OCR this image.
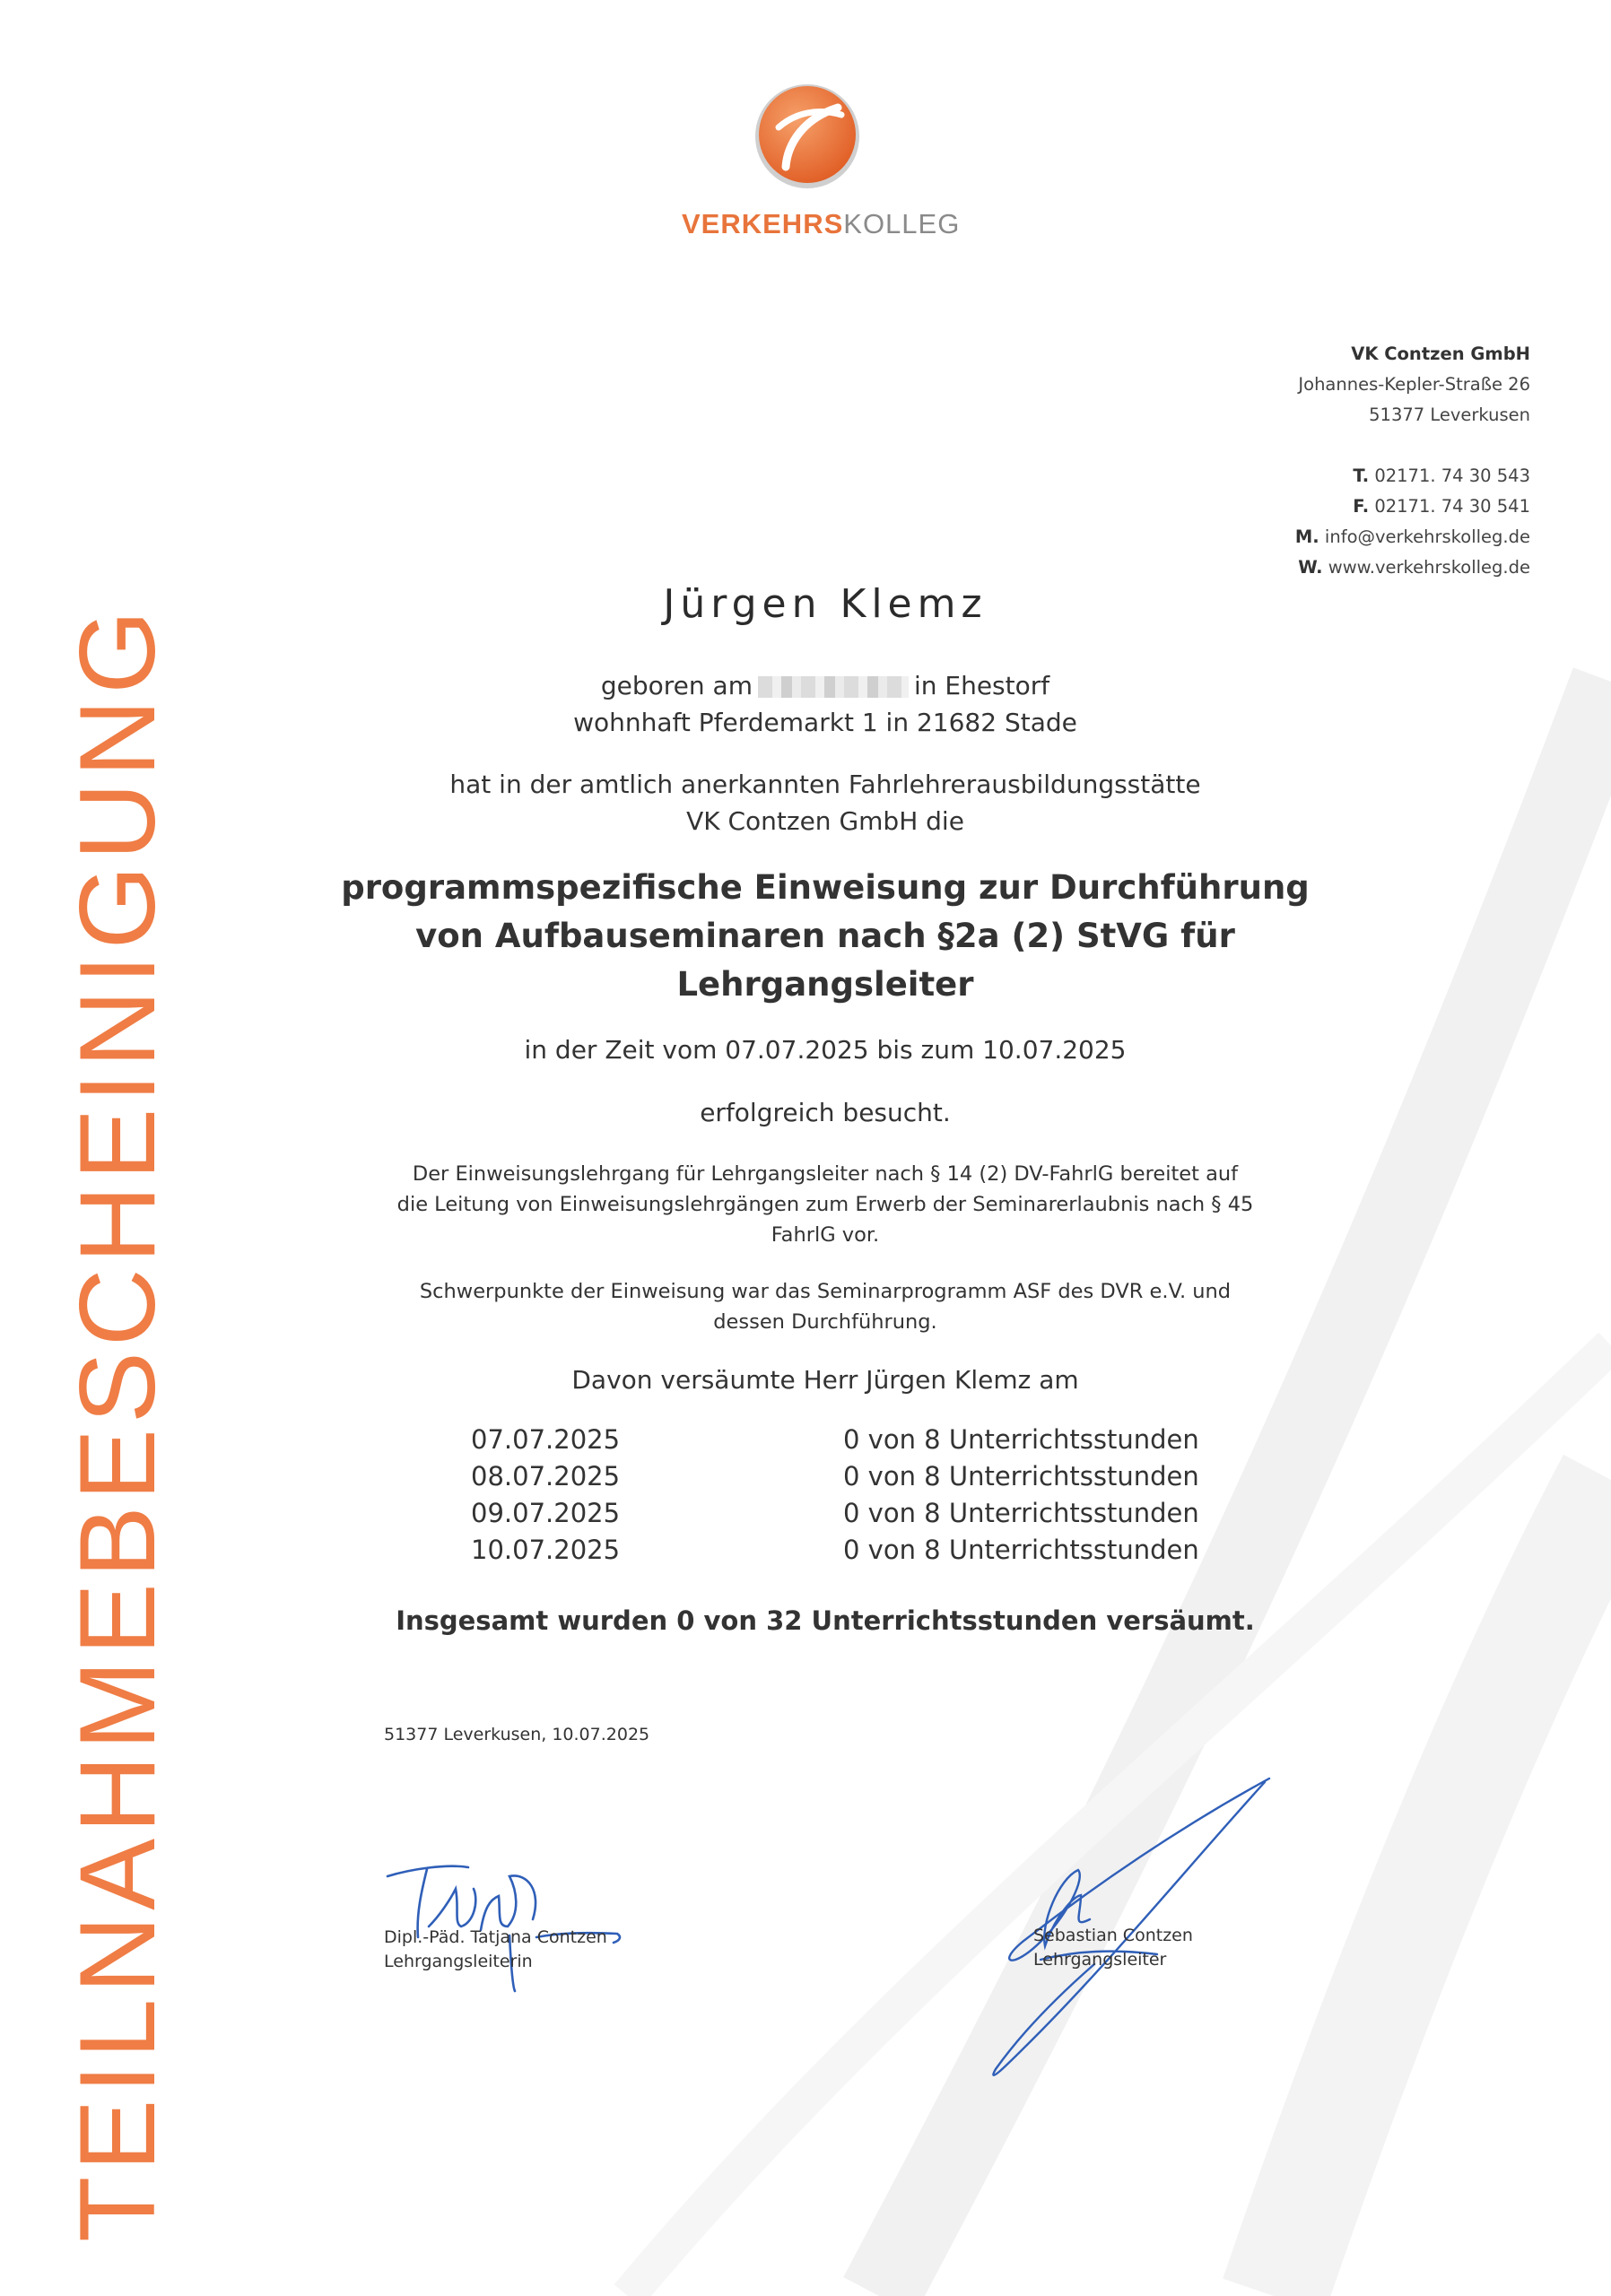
TEILNAHMEBESCHEINIGUNG
VERKEHRSKOLLEG
VK Contzen GmbH
Johannes-Kepler-Straße 26
51377 Leverkusen
T. 02171. 74 30 543
F. 02171. 74 30 541
M. info@verkehrskolleg.de
W. www.verkehrskolleg.de
Jürgen Klemz
geboren am	in Ehestorf
wohnhaft Pferdemarkt 1 in 21682 Stade
hat in der amtlich anerkannten Fahrlehrerausbildungsstätte
VK Contzen GmbH die
programmspezifische Einweisung zur Durchführung
von Aufbauseminaren nach §2a (2) StVG für
Lehrgangsleiter
in der Zeit vom 07.07.2025 bis zum 10.07.2025
erfolgreich besucht.
Der Einweisungslehrgang für Lehrgangsleiter nach § 14 (2) DV-FahrlG bereitet auf
die Leitung von Einweisungslehrgängen zum Erwerb der Seminarerlaubnis nach § 45
FahrlG vor.
Schwerpunkte der Einweisung war das Seminarprogramm ASF des DVR e.V. und
dessen Durchführung.
Davon versäumte Herr Jürgen Klemz am
07.07.2025	0 von 8 Unterrichtsstunden
08.07.2025	0 von 8 Unterrichtsstunden
09.07.2025	0 von 8 Unterrichtsstunden
10.07.2025	0 von 8 Unterrichtsstunden
Insgesamt wurden 0 von 32 Unterrichtsstunden versäumt.
51377 Leverkusen, 10.07.2025
Dipl.-Päd. Tatjana Contzen
Lehrgangsleiterin
Sebastian Contzen
Lehrgangsleiter
